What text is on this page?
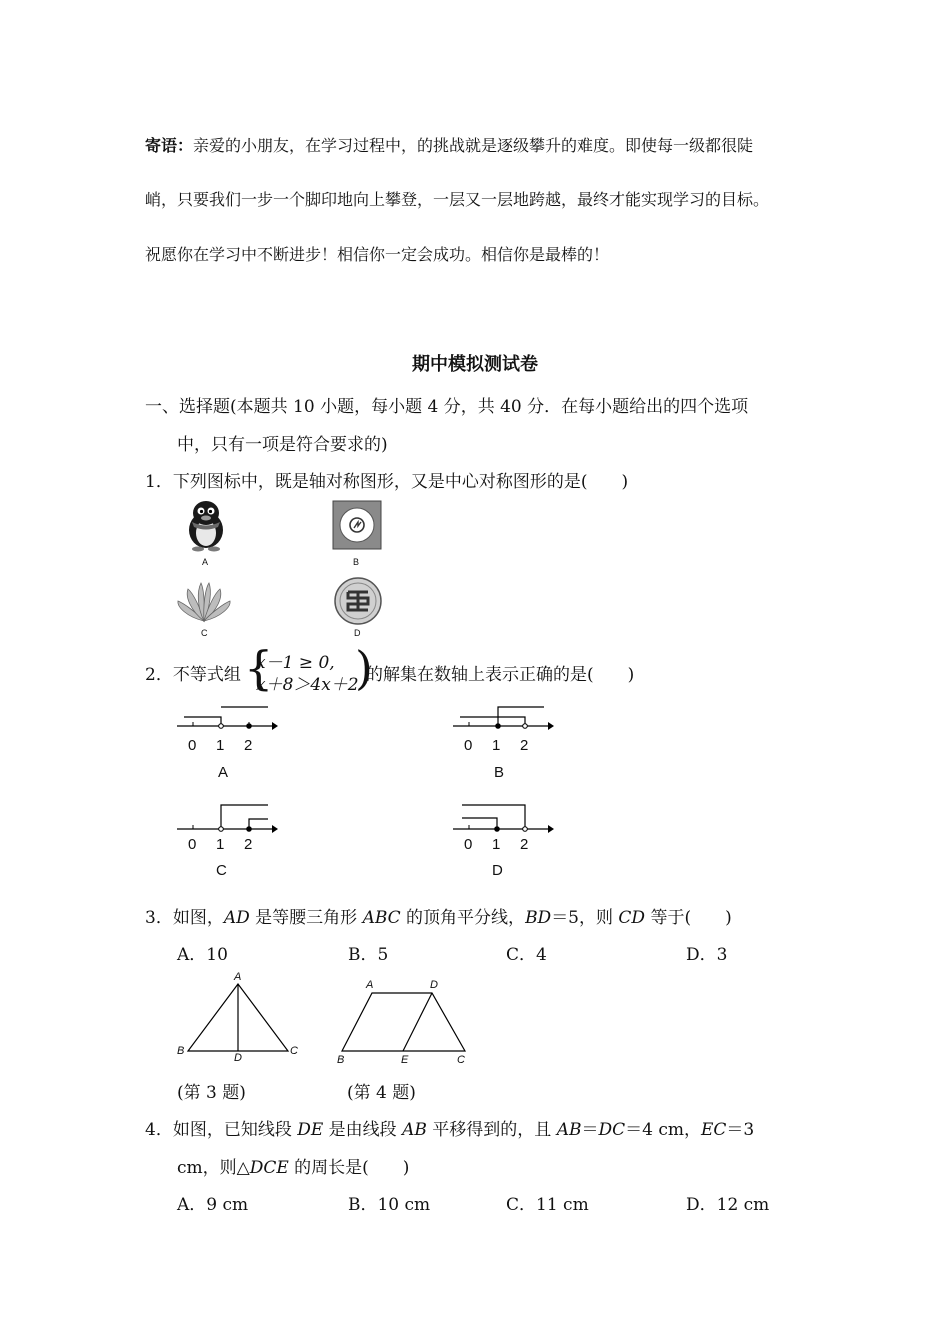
寄语：亲爱的小朋友，在学习过程中，的挑战就是逐级攀升的难度。即使每一级都很陡
峭，只要我们一步一个脚印地向上攀登，一层又一层地跨越，最终才能实现学习的目标。
祝愿你在学习中不断进步！相信你一定会成功。相信你是最棒的！
期中模拟测试卷
一、选择题(本题共 10 小题，每小题 4 分，共 40 分．在每小题给出的四个选项
中，只有一项是符合要求的)
1．下列图标中，既是轴对称图形，又是中心对称图形的是(　　)
A	B
C	D
2．不等式组 {
x－1 ≥ 0,
x＋8＞4x＋2
)
的解集在数轴上表示正确的是(　　)
0 1 2
A
0 1 2
B
0 1 2
C
0 1 2
D
3．如图，AD 是等腰三角形 ABC 的顶角平分线，BD＝5，则 CD 等于(　　)
A．10	B．5	C．4	D．3
A
B
D
C
(第 3 题)
A	D
B	E	C
(第 4 题)
4．如图，已知线段 DE 是由线段 AB 平移得到的，且 AB＝DC＝4 cm，EC＝3
cm，则△DCE 的周长是(　　)
A．9 cm	B．10 cm	C．11 cm	D．12 cm
